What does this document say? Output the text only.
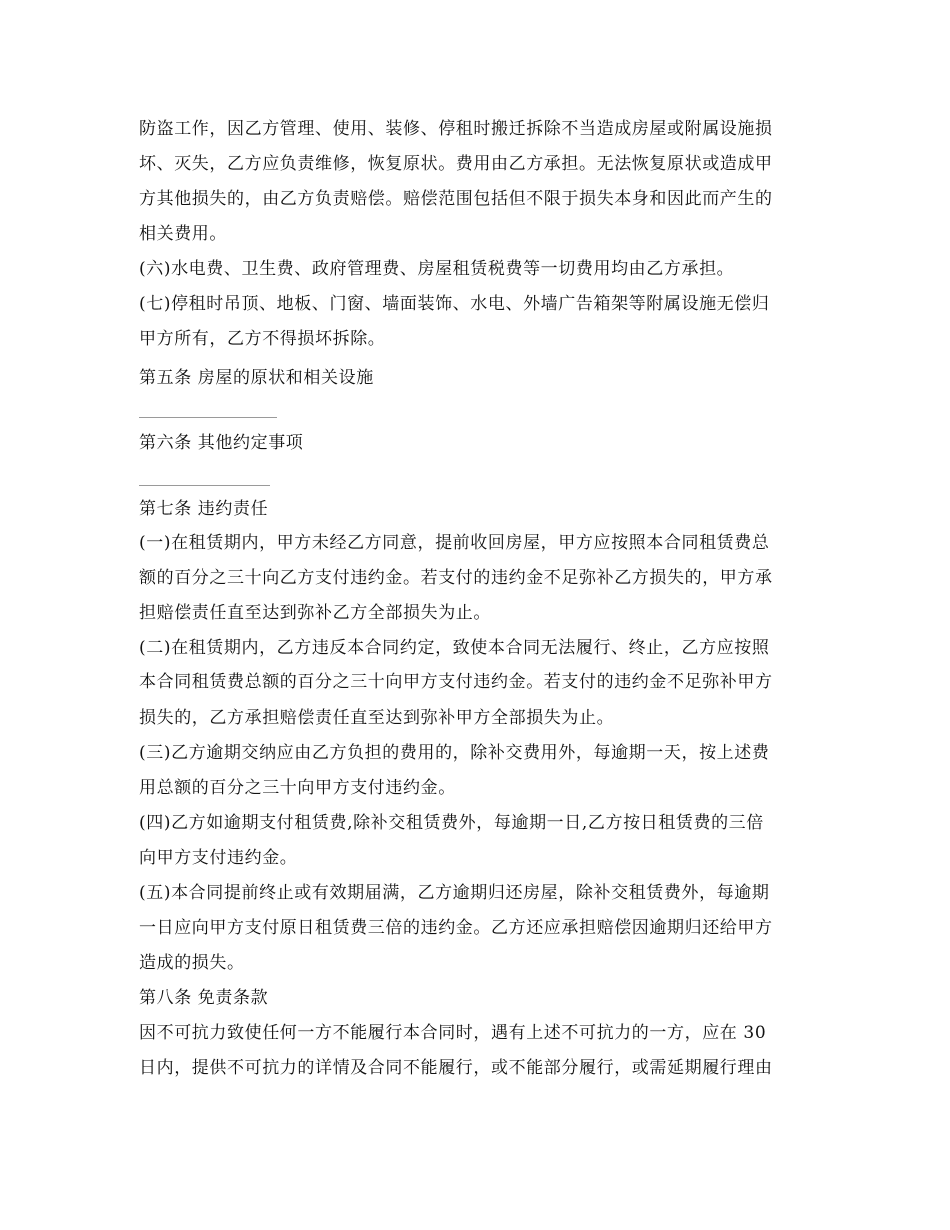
防盗工作，因乙方管理、使用、装修、停租时搬迁拆除不当造成房屋或附属设施损
坏、灭失，乙方应负责维修，恢复原状。费用由乙方承担。无法恢复原状或造成甲
方其他损失的，由乙方负责赔偿。赔偿范围包括但不限于损失本身和因此而产生的
相关费用。
(六)水电费、卫生费、政府管理费、房屋租赁税费等一切费用均由乙方承担。
(七)停租时吊顶、地板、门窗、墙面装饰、水电、外墙广告箱架等附属设施无偿归
甲方所有，乙方不得损坏拆除。
第五条 房屋的原状和相关设施
第六条 其他约定事项
第七条 违约责任
(一)在租赁期内，甲方未经乙方同意，提前收回房屋，甲方应按照本合同租赁费总
额的百分之三十向乙方支付违约金。若支付的违约金不足弥补乙方损失的，甲方承
担赔偿责任直至达到弥补乙方全部损失为止。
(二)在租赁期内，乙方违反本合同约定，致使本合同无法履行、终止，乙方应按照
本合同租赁费总额的百分之三十向甲方支付违约金。若支付的违约金不足弥补甲方
损失的，乙方承担赔偿责任直至达到弥补甲方全部损失为止。
(三)乙方逾期交纳应由乙方负担的费用的，除补交费用外，每逾期一天，按上述费
用总额的百分之三十向甲方支付违约金。
(四)乙方如逾期支付租赁费,除补交租赁费外，每逾期一日,乙方按日租赁费的三倍
向甲方支付违约金。
(五)本合同提前终止或有效期届满，乙方逾期归还房屋，除补交租赁费外，每逾期
一日应向甲方支付原日租赁费三倍的违约金。乙方还应承担赔偿因逾期归还给甲方
造成的损失。
第八条 免责条款
因不可抗力致使任何一方不能履行本合同时，遇有上述不可抗力的一方，应在 30
日内，提供不可抗力的详情及合同不能履行，或不能部分履行，或需延期履行理由
